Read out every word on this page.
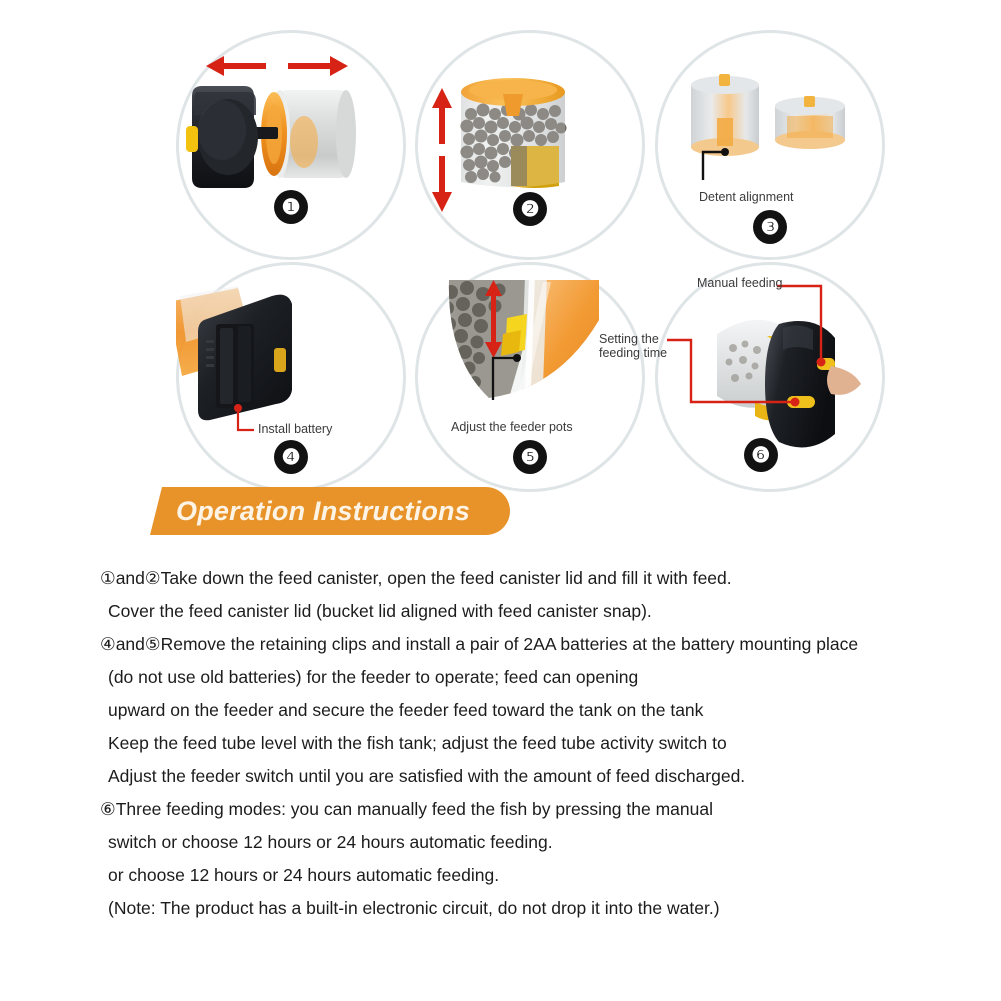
❶	❷
Detent alignment
❸
Install battery
❹
Adjust the feeder pots
❺
Manual feeding
Setting the
feeding time
❻
Operation Instructions

①and②Take down the feed canister, open the feed canister lid and fill it with feed.

Cover the feed canister lid (bucket lid aligned with feed canister snap).

④and⑤Remove the retaining clips and install a pair of 2AA batteries at the battery mounting place

(do not use old batteries) for the feeder to operate; feed can opening

upward on the feeder and secure the feeder feed toward the tank on the tank

Keep the feed tube level with the fish tank; adjust the feed tube activity switch to

Adjust the feeder switch until you are satisfied with the amount of feed discharged.

⑥Three feeding modes: you can manually feed the fish by pressing the manual

switch or choose 12 hours or 24 hours automatic feeding.

or choose 12 hours or 24 hours automatic feeding.

(Note: The product has a built-in electronic circuit, do not drop it into the water.)
